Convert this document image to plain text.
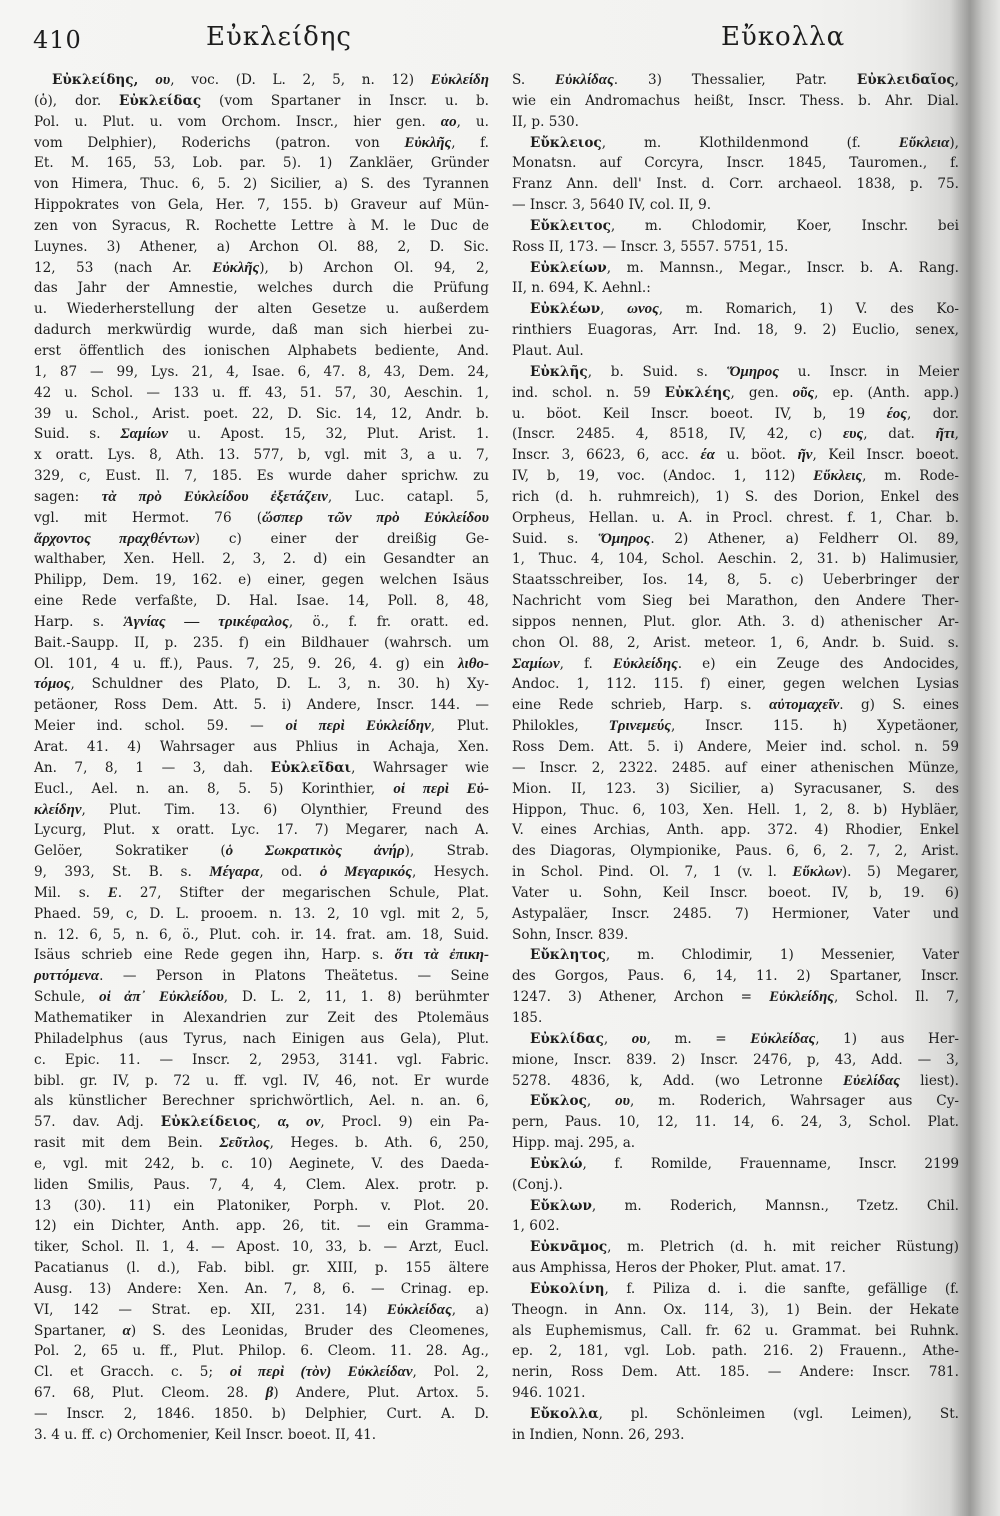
410	Εὐκλείδης	Εὔκολλα
Εὐκλείδης, ου, voc. (D. L. 2, 5, n. 12) Εὐκλείδη
(ὁ), dor. Εὐκλείδας (vom Spartaner in Inscr. u. b.
Pol. u. Plut. u. vom Orchom. Inscr., hier gen. αο, u.
vom Delphier), Roderichs (patron. von Εὐκλῆς, f.
Et. M. 165, 53, Lob. par. 5). 1) Zankläer, Gründer
von Himera, Thuc. 6, 5. 2) Sicilier, a) S. des Tyrannen
Hippokrates von Gela, Her. 7, 155. b) Graveur auf Mün-
zen von Syracus, R. Rochette Lettre à M. le Duc de
Luynes. 3) Athener, a) Archon Ol. 88, 2, D. Sic.
12, 53 (nach Ar. Εὐκλῆς), b) Archon Ol. 94, 2,
das Jahr der Amnestie, welches durch die Prüfung
u. Wiederherstellung der alten Gesetze u. außerdem
dadurch merkwürdig wurde, daß man sich hierbei zu-
erst öffentlich des ionischen Alphabets bediente, And.
1, 87 — 99, Lys. 21, 4, Isae. 6, 47. 8, 43, Dem. 24,
42 u. Schol. — 133 u. ff. 43, 51. 57, 30, Aeschin. 1,
39 u. Schol., Arist. poet. 22, D. Sic. 14, 12, Andr. b.
Suid. s. Σαμίων u. Apost. 15, 32, Plut. Arist. 1.
x oratt. Lys. 8, Ath. 13. 577, b, vgl. mit 3, a u. 7,
329, c, Eust. Il. 7, 185. Es wurde daher sprichw. zu
sagen: τὰ πρὸ Εὐκλείδου ἐξετάζειν, Luc. catapl. 5,
vgl. mit Hermot. 76 (ὥσπερ τῶν πρὸ Εὐκλείδου
ἄρχοντος πραχθέντων) c) einer der dreißig Ge-
walthaber, Xen. Hell. 2, 3, 2. d) ein Gesandter an
Philipp, Dem. 19, 162. e) einer, gegen welchen Isäus
eine Rede verfaßte, D. Hal. Isae. 14, Poll. 8, 48,
Harp. s. Ἁγνίας — τρικέφαλος, ö., f. fr. oratt. ed.
Bait.-Saupp. II, p. 235. f) ein Bildhauer (wahrsch. um
Ol. 101, 4 u. ff.), Paus. 7, 25, 9. 26, 4. g) ein λιθο-
τόμος, Schuldner des Plato, D. L. 3, n. 30. h) Xy-
petäoner, Ross Dem. Att. 5. i) Andere, Inscr. 144. —
Meier ind. schol. 59. — οἱ περὶ Εὐκλείδην, Plut.
Arat. 41. 4) Wahrsager aus Phlius in Achaja, Xen.
An. 7, 8, 1 — 3, dah. Εὐκλεῖδαι, Wahrsager wie
Eucl., Ael. n. an. 8, 5. 5) Korinthier, οἱ περὶ Εὐ-
κλείδην, Plut. Tim. 13. 6) Olynthier, Freund des
Lycurg, Plut. x oratt. Lyc. 17. 7) Megarer, nach A.
Gelöer, Sokratiker (ὁ Σωκρατικὸς ἀνήρ), Strab.
9, 393, St. B. s. Μέγαρα, od. ὁ Μεγαρικός, Hesych.
Mil. s. Ε. 27, Stifter der megarischen Schule, Plat.
Phaed. 59, c, D. L. prooem. n. 13. 2, 10 vgl. mit 2, 5,
n. 12. 6, 5, n. 6, ö., Plut. coh. ir. 14. frat. am. 18, Suid.
Isäus schrieb eine Rede gegen ihn, Harp. s. ὅτι τὰ ἐπικη-
ρυττόμενα. — Person in Platons Theätetus. — Seine
Schule, οἱ ἀπ᾽ Εὐκλείδου, D. L. 2, 11, 1. 8) berühmter
Mathematiker in Alexandrien zur Zeit des Ptolemäus
Philadelphus (aus Tyrus, nach Einigen aus Gela), Plut.
c. Epic. 11. — Inscr. 2, 2953, 3141. vgl. Fabric.
bibl. gr. IV, p. 72 u. ff. vgl. IV, 46, not. Er wurde
als künstlicher Berechner sprichwörtlich, Ael. n. an. 6,
57. dav. Adj. Εὐκλείδειος, α, ον, Procl. 9) ein Pa-
rasit mit dem Bein. Σεῦτλος, Heges. b. Ath. 6, 250,
e, vgl. mit 242, b. c. 10) Aeginete, V. des Daeda-
liden Smilis, Paus. 7, 4, 4, Clem. Alex. protr. p.
13 (30). 11) ein Platoniker, Porph. v. Plot. 20.
12) ein Dichter, Anth. app. 26, tit. — ein Gramma-
tiker, Schol. Il. 1, 4. — Apost. 10, 33, b. — Arzt, Eucl.
Pacatianus (l. d.), Fab. bibl. gr. XIII, p. 155 ältere
Ausg. 13) Andere: Xen. An. 7, 8, 6. — Crinag. ep.
VI, 142 — Strat. ep. XII, 231. 14) Εὐκλείδας, a)
Spartaner, α) S. des Leonidas, Bruder des Cleomenes,
Pol. 2, 65 u. ff., Plut. Philop. 6. Cleom. 11. 28. Ag.,
Cl. et Gracch. c. 5; οἱ περὶ (τὸν) Εὐκλείδαν, Pol. 2,
67. 68, Plut. Cleom. 28. β) Andere, Plut. Artox. 5.
— Inscr. 2, 1846. 1850. b) Delphier, Curt. A. D.
3. 4 u. ff. c) Orchomenier, Keil Inscr. boeot. II, 41.
S. Εὐκλίδας. 3) Thessalier, Patr. Εὐκλειδαῖος,
wie ein Andromachus heißt, Inscr. Thess. b. Ahr. Dial.
II, p. 530.
Εὔκλειος, m. Klothildenmond (f. Εὔκλεια),
Monatsn. auf Corcyra, Inscr. 1845, Tauromen., f.
Franz Ann. dell' Inst. d. Corr. archaeol. 1838, p. 75.
— Inscr. 3, 5640 IV, col. II, 9.
Εὔκλειτος, m. Chlodomir, Koer, Inschr. bei
Ross II, 173. — Inscr. 3, 5557. 5751, 15.
Εὐκλείων, m. Mannsn., Megar., Inscr. b. A. Rang.
II, n. 694, K. Aehnl.:
Εὐκλέων, ωνος, m. Romarich, 1) V. des Ko-
rinthiers Euagoras, Arr. Ind. 18, 9. 2) Euclio, senex,
Plaut. Aul.
Εὐκλῆς, b. Suid. s. Ὅμηρος u. Inscr. in Meier
ind. schol. n. 59 Εὐκλέης, gen. οῦς, ep. (Anth. app.)
u. böot. Keil Inscr. boeot. IV, b, 19 έος, dor.
(Inscr. 2485. 4, 8518, IV, 42, c) ευς, dat. ῆτι,
Inscr. 3, 6623, 6, acc. έα u. böot. ῆν, Keil Inscr. boeot.
IV, b, 19, voc. (Andoc. 1, 112) Εὔκλεις, m. Rode-
rich (d. h. ruhmreich), 1) S. des Dorion, Enkel des
Orpheus, Hellan. u. A. in Procl. chrest. f. 1, Char. b.
Suid. s. Ὅμηρος. 2) Athener, a) Feldherr Ol. 89,
1, Thuc. 4, 104, Schol. Aeschin. 2, 31. b) Halimusier,
Staatsschreiber, Ios. 14, 8, 5. c) Ueberbringer der
Nachricht vom Sieg bei Marathon, den Andere Ther-
sippos nennen, Plut. glor. Ath. 3. d) athenischer Ar-
chon Ol. 88, 2, Arist. meteor. 1, 6, Andr. b. Suid. s.
Σαμίων, f. Εὐκλείδης. e) ein Zeuge des Andocides,
Andoc. 1, 112. 115. f) einer, gegen welchen Lysias
eine Rede schrieb, Harp. s. αὐτομαχεῖν. g) S. eines
Philokles, Τρινεμεύς, Inscr. 115. h) Xypetäoner,
Ross Dem. Att. 5. i) Andere, Meier ind. schol. n. 59
— Inscr. 2, 2322. 2485. auf einer athenischen Münze,
Mion. II, 123. 3) Sicilier, a) Syracusaner, S. des
Hippon, Thuc. 6, 103, Xen. Hell. 1, 2, 8. b) Hybläer,
V. eines Archias, Anth. app. 372. 4) Rhodier, Enkel
des Diagoras, Olympionike, Paus. 6, 6, 2. 7, 2, Arist.
in Schol. Pind. Ol. 7, 1 (v. l. Εὔκλων). 5) Megarer,
Vater u. Sohn, Keil Inscr. boeot. IV, b, 19. 6)
Astypaläer, Inscr. 2485. 7) Hermioner, Vater und
Sohn, Inscr. 839.
Εὔκλητος, m. Chlodimir, 1) Messenier, Vater
des Gorgos, Paus. 6, 14, 11. 2) Spartaner, Inscr.
1247. 3) Athener, Archon = Εὐκλείδης, Schol. Il. 7,
185.
Εὐκλίδας, ου, m. = Εὐκλείδας, 1) aus Her-
mione, Inscr. 839. 2) Inscr. 2476, p, 43, Add. — 3,
5278. 4836, k, Add. (wo Letronne Εὐελίδας liest).
Εὔκλος, ου, m. Roderich, Wahrsager aus Cy-
pern, Paus. 10, 12, 11. 14, 6. 24, 3, Schol. Plat.
Hipp. maj. 295, a.
Εὐκλώ, f. Romilde, Frauenname, Inscr. 2199
(Conj.).
Εὔκλων, m. Roderich, Mannsn., Tzetz. Chil.
1, 602.
Εὐκνᾱμος, m. Pletrich (d. h. mit reicher Rüstung)
aus Amphissa, Heros der Phoker, Plut. amat. 17.
Εὐκολίνη, f. Piliza d. i. die sanfte, gefällige (f.
Theogn. in Ann. Ox. 114, 3), 1) Bein. der Hekate
als Euphemismus, Call. fr. 62 u. Grammat. bei Ruhnk.
ep. 2, 181, vgl. Lob. path. 216. 2) Frauenn., Athe-
nerin, Ross Dem. Att. 185. — Andere: Inscr. 781.
946. 1021.
Εὔκολλα, pl. Schönleimen (vgl. Leimen), St.
in Indien, Nonn. 26, 293.
